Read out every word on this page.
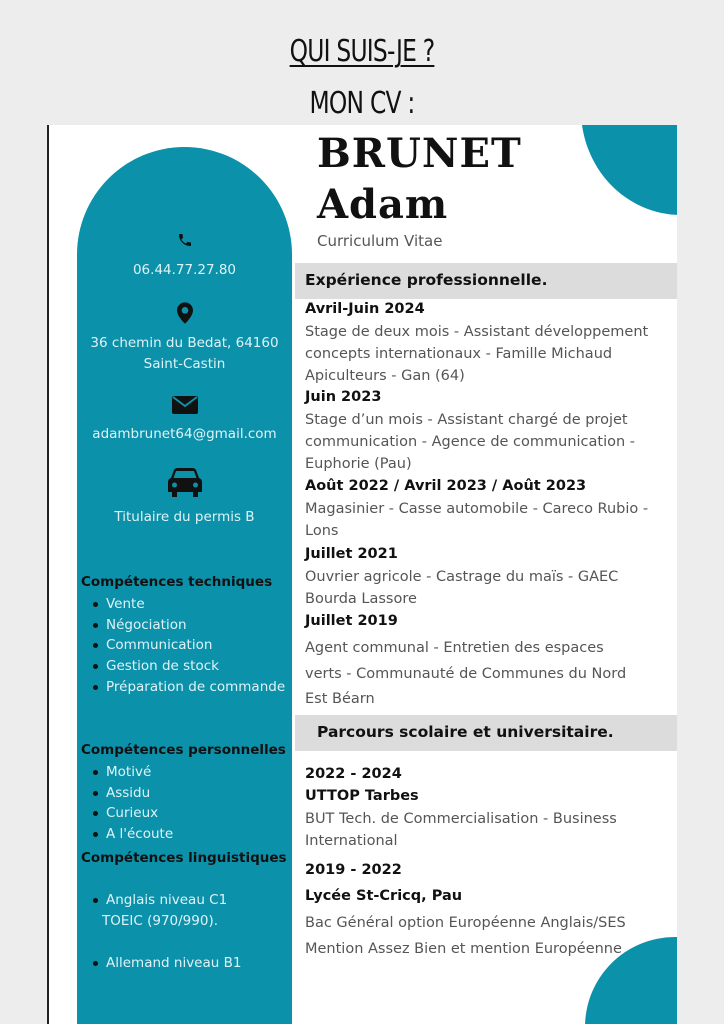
QUI SUIS-JE ?
MON CV :
06.44.77.27.80
36 chemin du Bedat, 64160
Saint-Castin
adambrunet64@gmail.com
Titulaire du permis B
Compétences techniques
Vente
Négociation
Communication
Gestion de stock
Préparation de commande
Compétences personnelles
Motivé
Assidu
Curieux
A l'écoute
Compétences linguistiques
Anglais niveau C1
TOEIC (970/990).
Allemand niveau B1
BRUNET
Adam
Curriculum Vitae
Expérience professionnelle.
Avril-Juin 2024
Stage de deux mois - Assistant développement
concepts internationaux - Famille Michaud
Apiculteurs - Gan (64)
Juin 2023
Stage d’un mois - Assistant chargé de projet
communication - Agence de communication -
Euphorie (Pau)
Août 2022 / Avril 2023 / Août 2023
Magasinier - Casse automobile - Careco Rubio -
Lons
Juillet 2021
Ouvrier agricole - Castrage du maïs - GAEC
Bourda Lassore
Juillet 2019
Agent communal - Entretien des espaces
verts - Communauté de Communes du Nord
Est Béarn
Parcours scolaire et universitaire.
2022 - 2024
UTTOP Tarbes
BUT Tech. de Commercialisation - Business
International
2019 - 2022
Lycée St-Cricq, Pau
Bac Général option Européenne Anglais/SES
Mention Assez Bien et mention Européenne
